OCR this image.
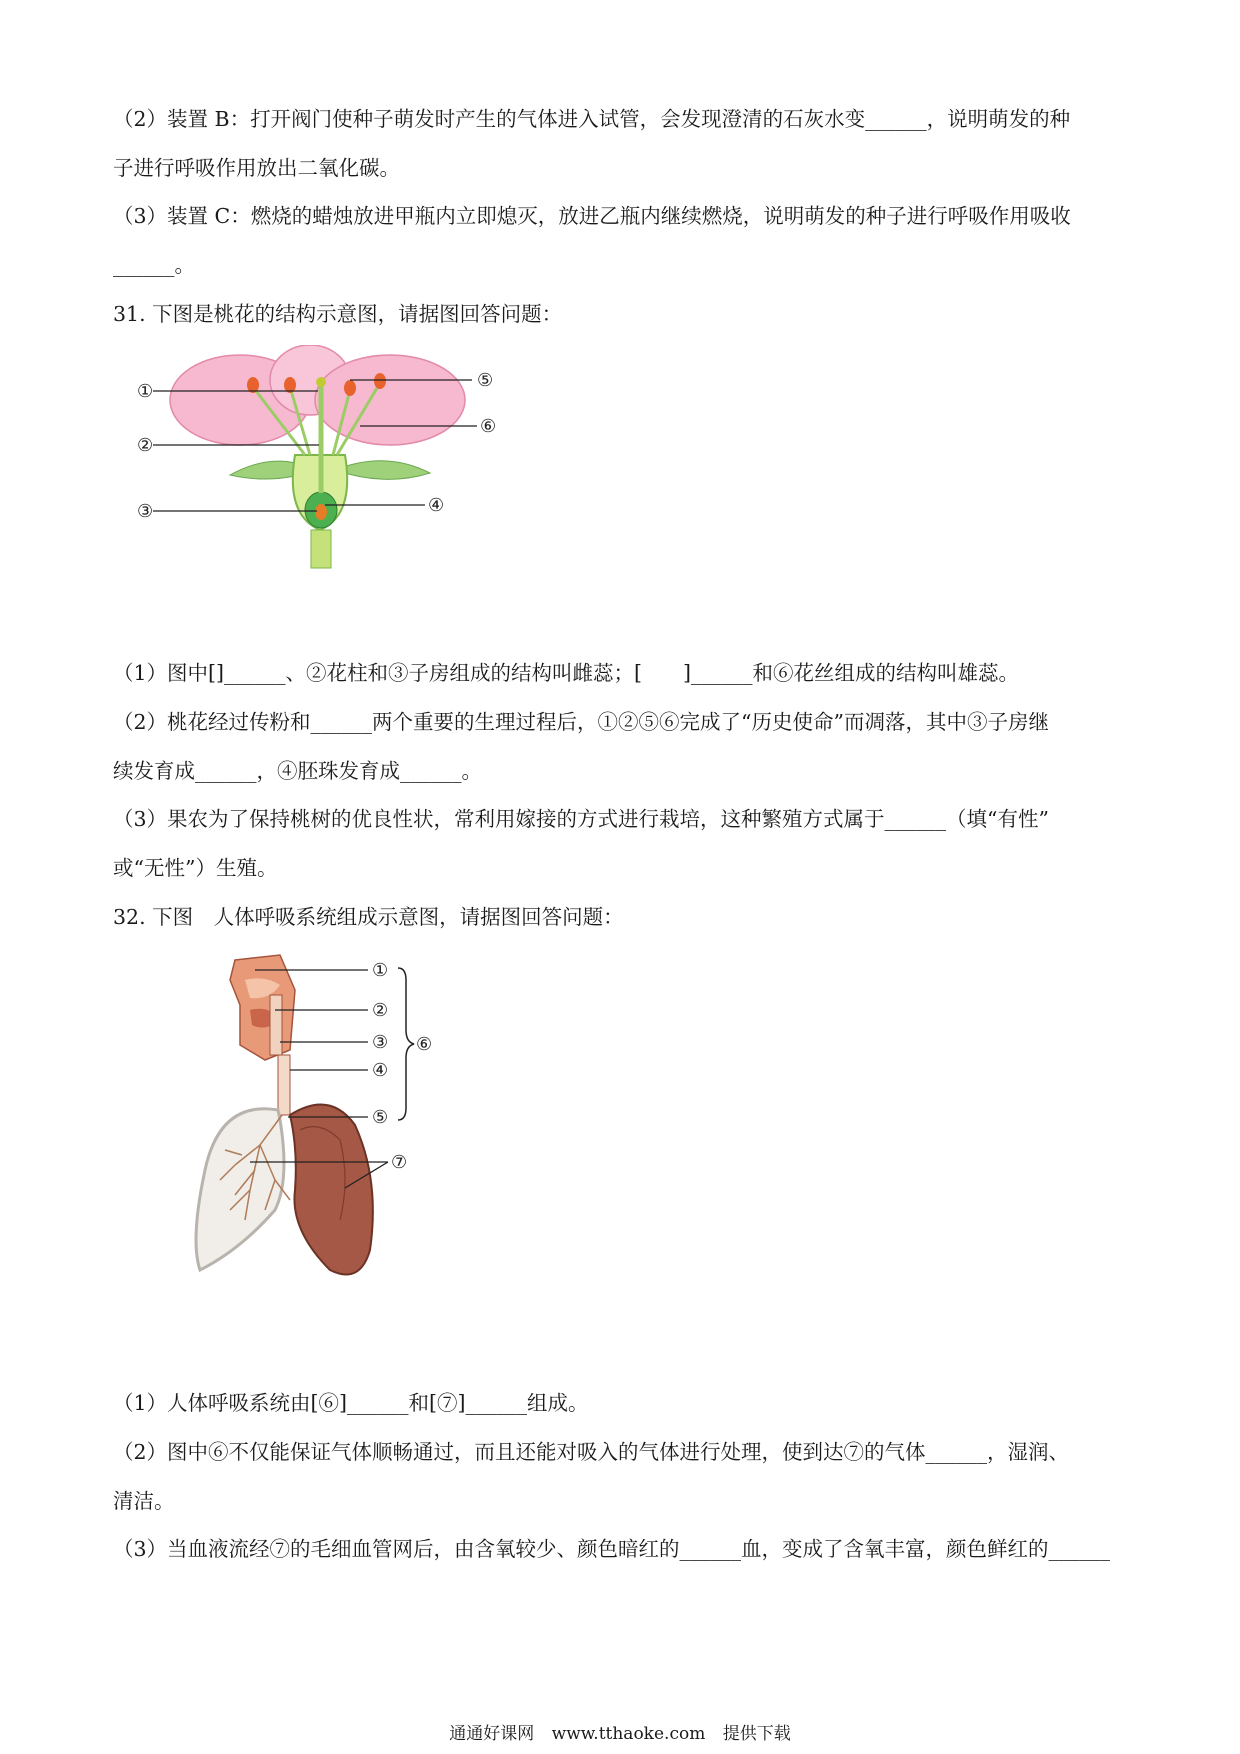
（2）装置 B：打开阀门使种子萌发时产生的气体进入试管，会发现澄清的石灰水变______，说明萌发的种
子进行呼吸作用放出二氧化碳。
（3）装置 C：燃烧的蜡烛放进甲瓶内立即熄灭，放进乙瓶内继续燃烧，说明萌发的种子进行呼吸作用吸收
______。
31. 下图是桃花的结构示意图，请据图回答问题：
①
②
③	④
⑤
⑥
（1）图中[]______、②花柱和③子房组成的结构叫雌蕊；[　　]______和⑥花丝组成的结构叫雄蕊。
（2）桃花经过传粉和______两个重要的生理过程后，①②⑤⑥完成了“历史使命”而凋落，其中③子房继
续发育成______，④胚珠发育成______。
（3）果农为了保持桃树的优良性状，常利用嫁接的方式进行栽培，这种繁殖方式属于______（填“有性”
或“无性”）生殖。
32. 下图　人体呼吸系统组成示意图，请据图回答问题：
①
②
③
④
⑤
⑥
⑦
（1）人体呼吸系统由[⑥]______和[⑦]______组成。
（2）图中⑥不仅能保证气体顺畅通过，而且还能对吸入的气体进行处理，使到达⑦的气体______，湿润、
清洁。
（3）当血液流经⑦的毛细血管网后，由含氧较少、颜色暗红的______血，变成了含氧丰富，颜色鲜红的______
通通好课网 www.tthaoke.com 提供下载
